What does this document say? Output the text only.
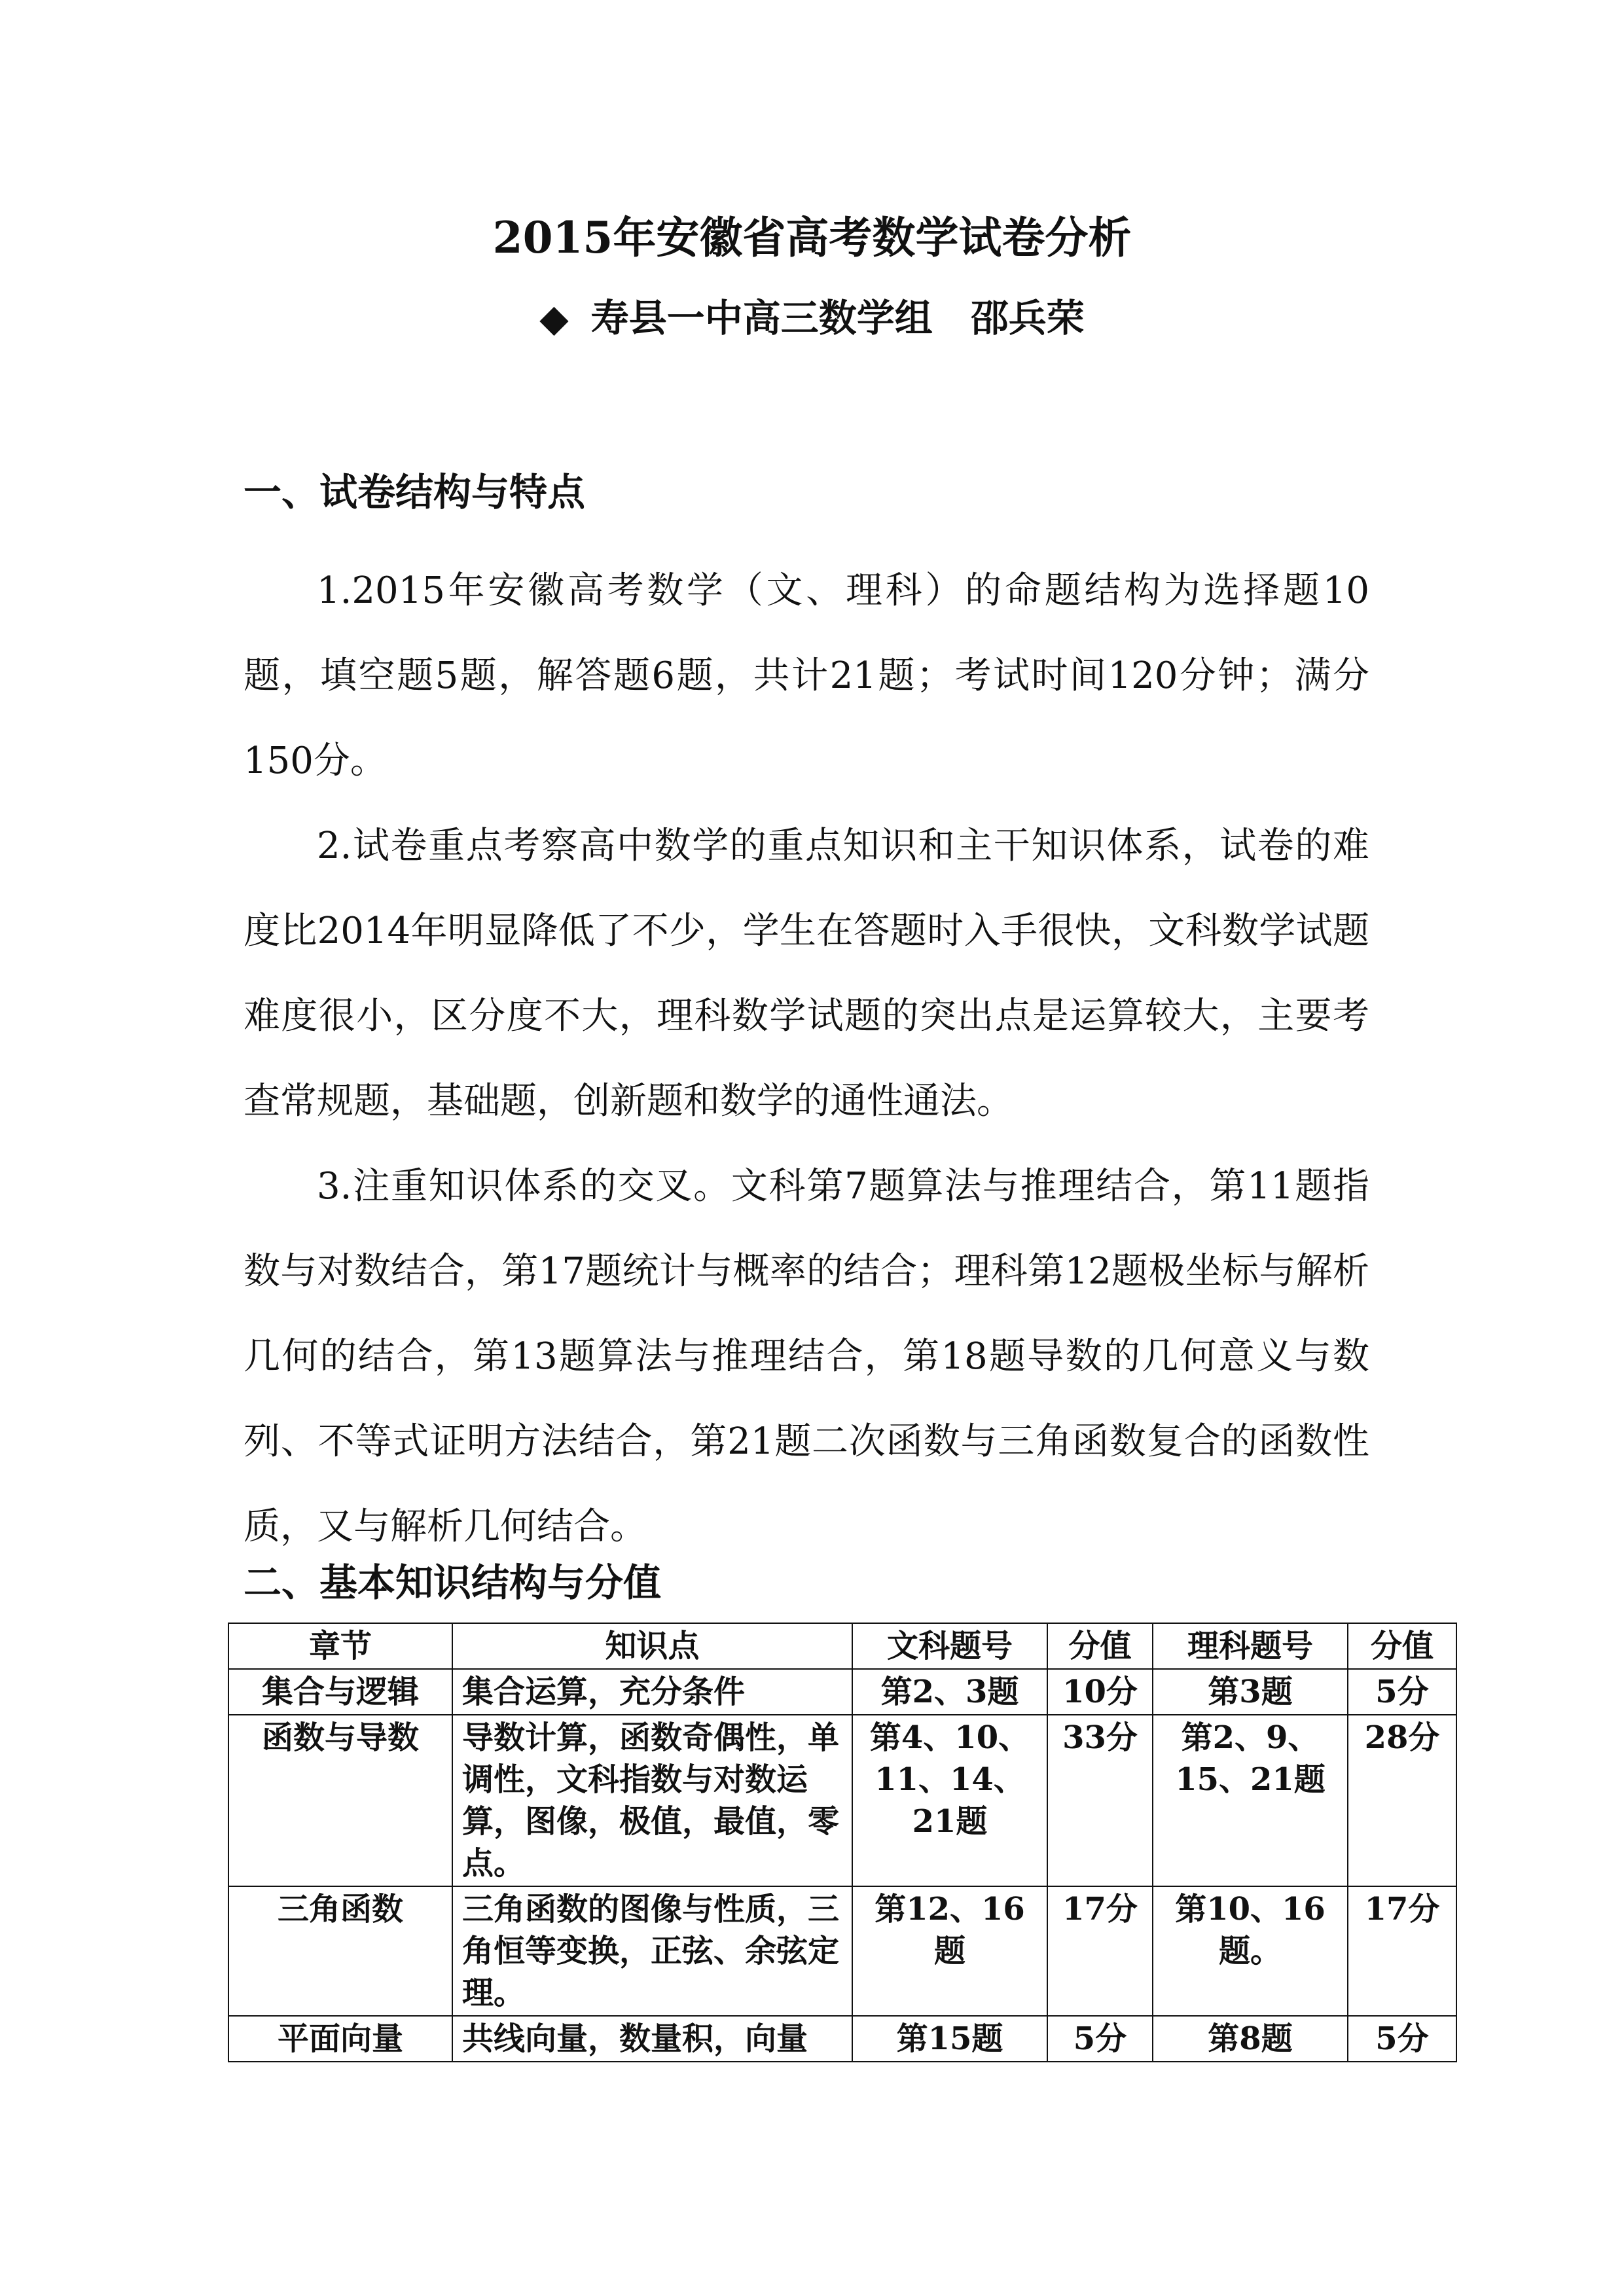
2015年安徽省高考数学试卷分析
◆ 寿县一中高三数学组 邵兵荣
一、试卷结构与特点

1.2015年安徽高考数学（文、理科）的命题结构为选择题10题，填空题5题，解答题6题，共计21题；考试时间120分钟；满分150分。

2.试卷重点考察高中数学的重点知识和主干知识体系，试卷的难度比2014年明显降低了不少，学生在答题时入手很快，文科数学试题难度很小，区分度不大，理科数学试题的突出点是运算较大，主要考查常规题，基础题，创新题和数学的通性通法。

3.注重知识体系的交叉。文科第7题算法与推理结合，第11题指数与对数结合，第17题统计与概率的结合；理科第12题极坐标与解析几何的结合，第13题算法与推理结合，第18题导数的几何意义与数列、不等式证明方法结合，第21题二次函数与三角函数复合的函数性质，又与解析几何结合。

二、基本知识结构与分值
章节	知识点	文科题号	分值	理科题号	分值
集合与逻辑	集合运算，充分条件	第2、3题	10分	第3题	5分
函数与导数	导数计算，函数奇偶性，单调性，文科指数与对数运算，图像，极值，最值，零点。	第4、10、11、14、21题	33分	第2、9、15、21题	28分
三角函数	三角函数的图像与性质，三角恒等变换，正弦、余弦定理。	第12、16题	17分	第10、16题。	17分
平面向量	共线向量，数量积，向量	第15题	5分	第8题	5分
